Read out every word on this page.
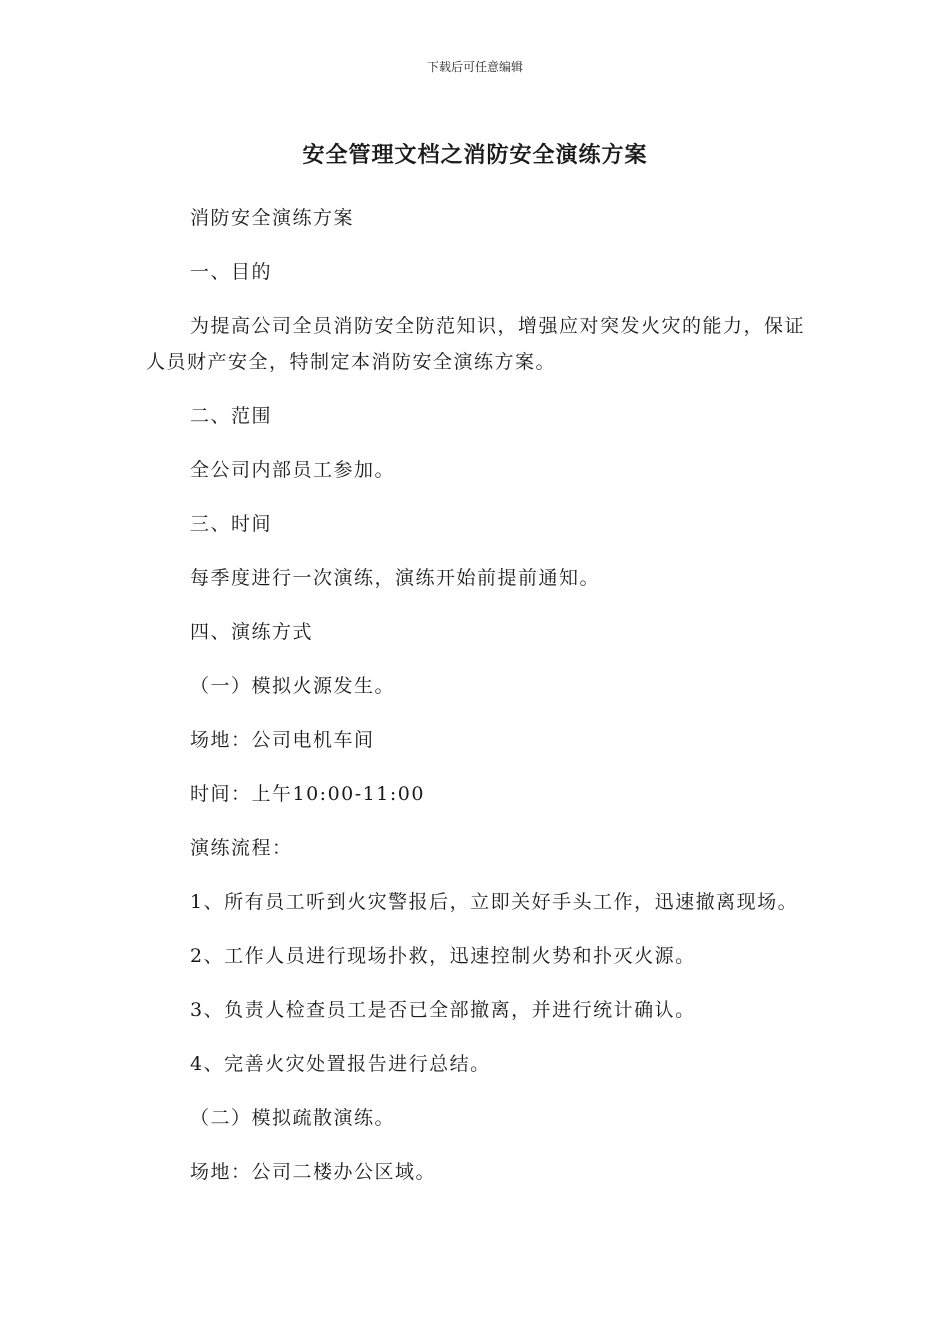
下载后可任意编辑
安全管理文档之消防安全演练方案

消防安全演练方案

一、目的

为提高公司全员消防安全防范知识，增强应对突发火灾的能力，保证人员财产安全，特制定本消防安全演练方案。

二、范围

全公司内部员工参加。

三、时间

每季度进行一次演练，演练开始前提前通知。

四、演练方式

（一）模拟火源发生。

场地：公司电机车间

时间：上午10:00-11:00

演练流程：

1、所有员工听到火灾警报后，立即关好手头工作，迅速撤离现场。

2、工作人员进行现场扑救，迅速控制火势和扑灭火源。

3、负责人检查员工是否已全部撤离，并进行统计确认。

4、完善火灾处置报告进行总结。

（二）模拟疏散演练。

场地：公司二楼办公区域。
